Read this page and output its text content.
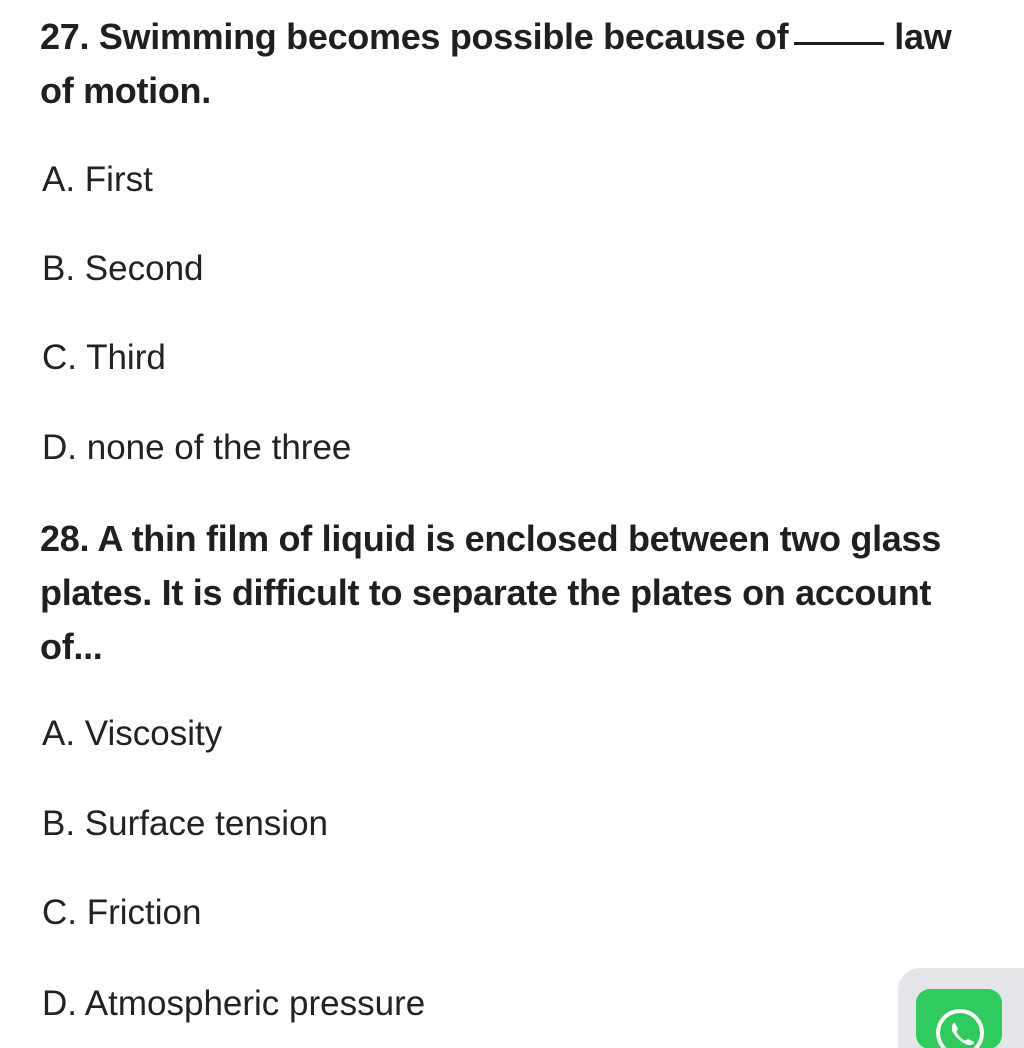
27. Swimming becomes possible because of	law of motion.

A. First

B. Second

C. Third

D. none of the three

28. A thin film of liquid is enclosed between two glass plates. It is difficult to separate the plates on account of...

A. Viscosity

B. Surface tension

C. Friction

D. Atmospheric pressure
